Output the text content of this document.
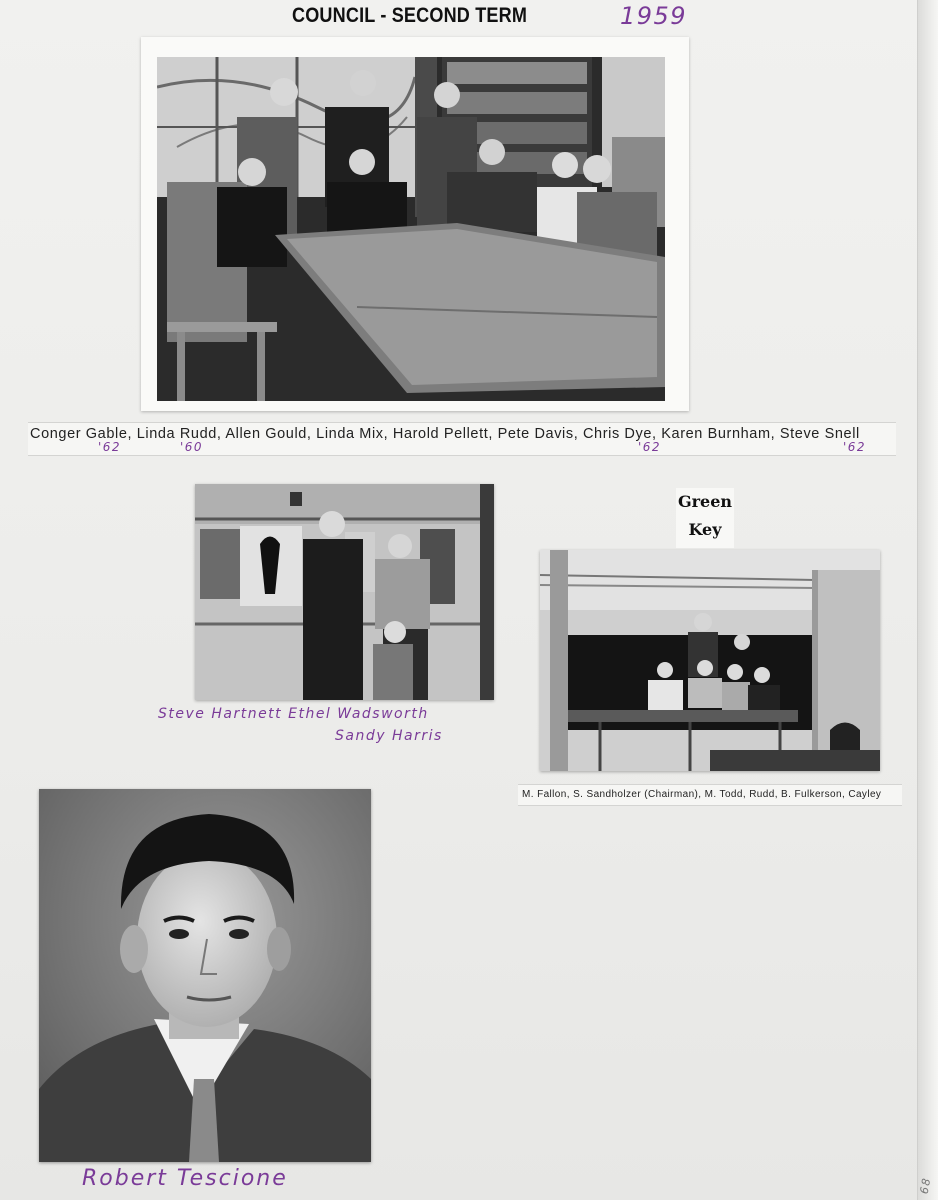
COUNCIL - SECOND TERM	1959
Conger Gable, Linda Rudd, Allen Gould, Linda Mix, Harold Pellett, Pete Davis, Chris Dye, Karen Burnham, Steve Snell
'62	'60	'62	'62
Steve Hartnett Ethel Wadsworth
Sandy Harris
Green
Key
M. Fallon, S. Sandholzer (Chairman), M. Todd, Rudd, B. Fulkerson, Cayley
Robert Tescione	68
